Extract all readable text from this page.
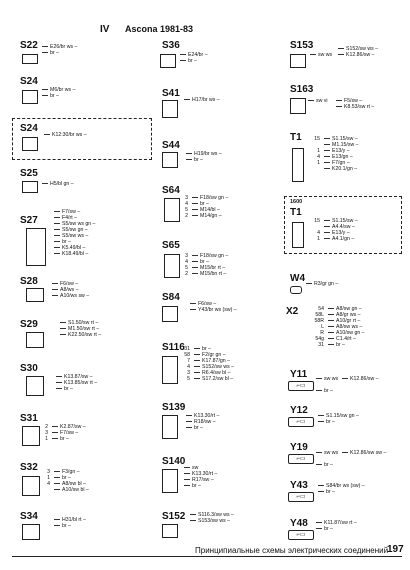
IV Ascona 1981-83
S22	E26/br ws –
br –
S24
M6/br ws –
br –
S24
K12:30/br ws –
S25
H5/bl gn –
S27
F7/sw –
F4/rt –
S5/sw ws gn –
S5/sw gn –
S5/sw ws –
br –
K5.49/bl –
K18.49/bl –
S28	F6/sw –
A8/ws –
A10/ws sw –
S29	S1.50/sw rt –
M1.50/sw rt –
K22.50/sw rt –
S30
K13.87/sw –
K13.85/sw rt –
br –
S31
2
3
1
K2.87/sw –
F7/sw –
br –
S32	3
1
4
F3/gn –
br –
A8/sw bl –
A10/sw bl –
S34	H31/bl rt –
br –
S36
E24/br –
br –
S41
H17/br ws –
S44
H19/br ws –
br –
S64
3
4
5
2
F18/sw gn –
br –
M14/bl –
M14/gn –
S65
3
4
5
2
F18/sw gn –
br –
M15/br rt –
M15/bn rt –
S84
F6/sw –
Y43/br ws (sw) –
S116 31
58
7
4
3
5
br –
F2/gr gn –
K17.87/gn –
S152/sw ws –
R6.4/sw bl –
S17.2/sw bl –
S139
K13.30/rt –
R18/sw –
br –
S140
sw
K13.30/rt –
R17/sw –
br –
S152	S116.3/sw ws –
S153/sw ws –
S153	S152/sw ws –
sw ws	K12.86/sw –
S163
sw vi	F5/sw –
K8.53/sw rt –
T1	15
1
4
1
S1.15/sw –
M1.15/sw –
E13/y –
E13/gn –
F7/gn –
K20.1/gn –
1600
T1
15
4
1
S1.15/sw –
A4.4/sw –
E13/y –
A4.1/gn –
W4	R3/gr gn –
X2	54
58L
58R
L
R
54g
31
A8/sw gn –
A8/gr ws –
A10/gr rt –
A8/sw ws –
A10/sw gn –
C1.4/rt –
br –
Y11
⌐▭
sw ws	K12.86/sw –
br –
Y12
⌐▭
S1.15/sw gn –
br –
Y19
⌐▭
sw ws	K12.86/sw sw –
br –
Y43
⌐▭
S84/br ws (sw) –
br –
Y48
⌐▭
K11.87/sw rt –
br –
Принципиальные схемы электрических соединений
197
